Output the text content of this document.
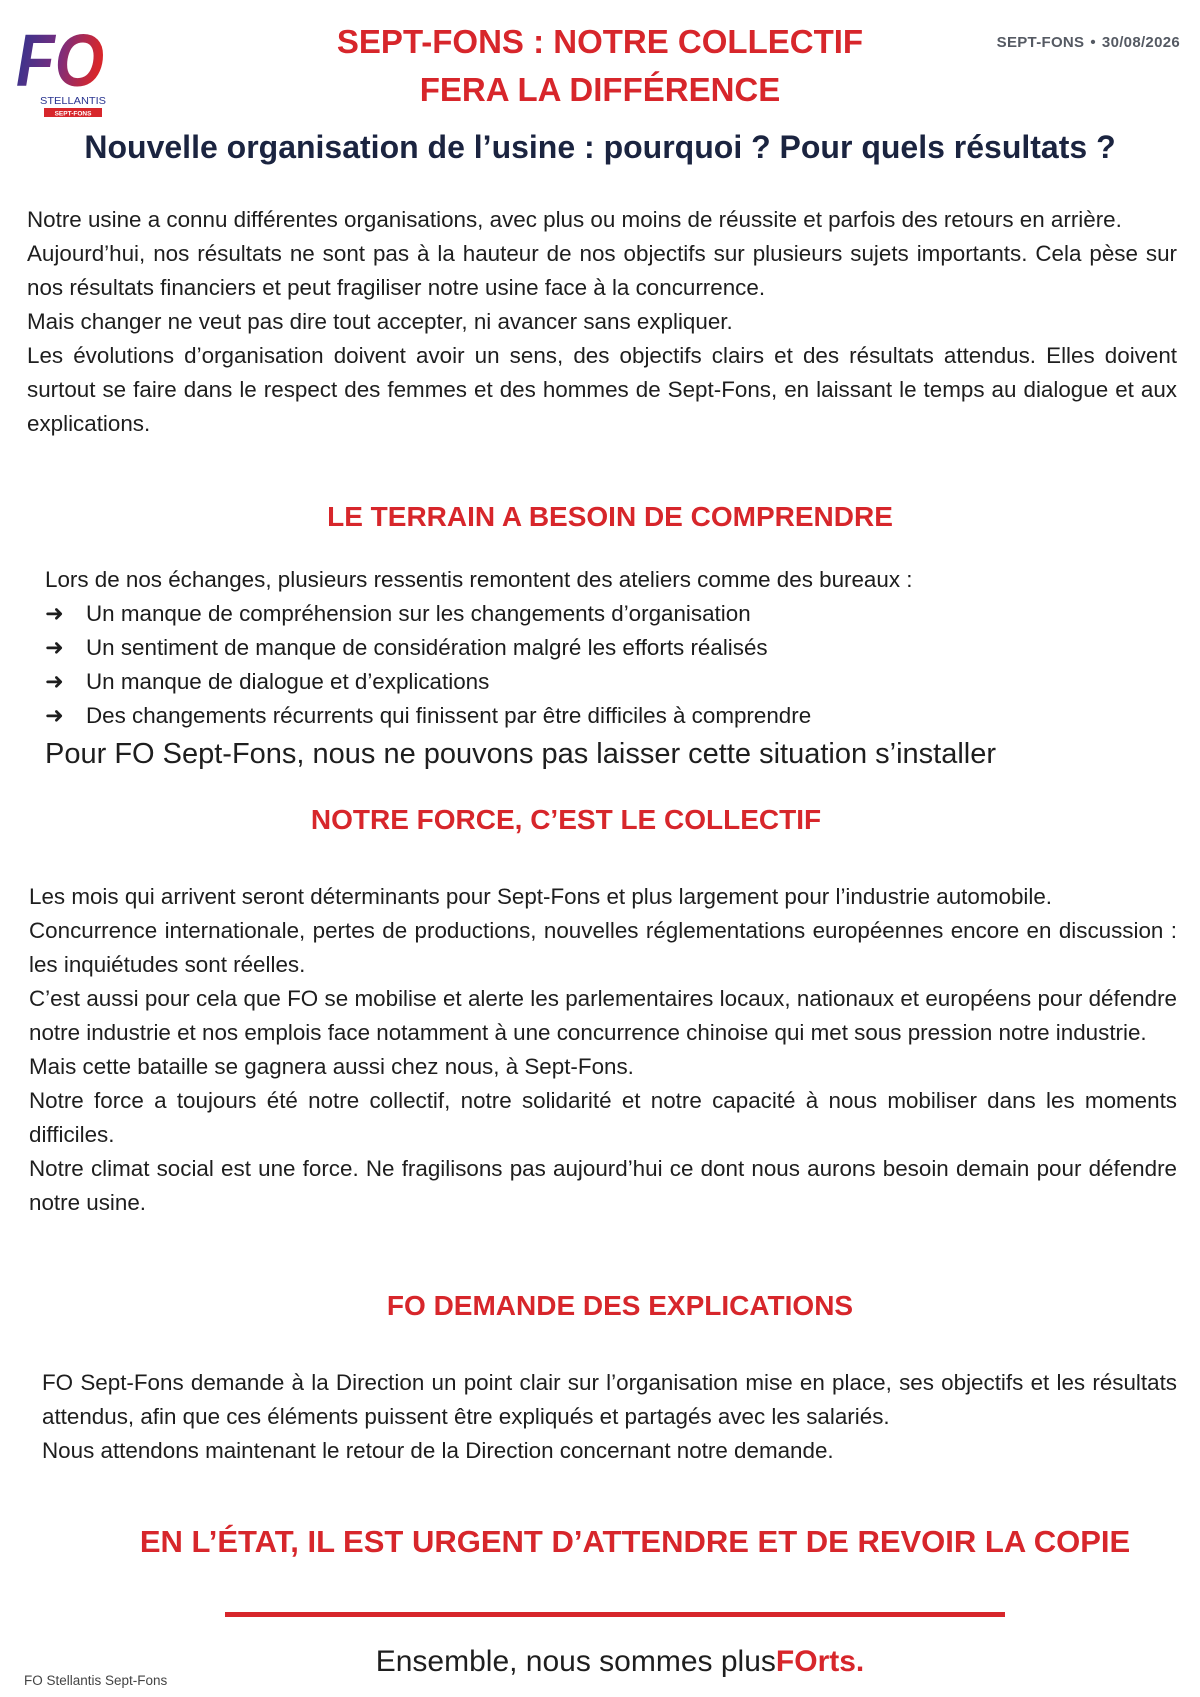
FO
STELLANTIS
SEPT-FONS
SEPT-FONS : NOTRE COLLECTIF
FERA LA DIFFÉRENCE
SEPT-FONS • 30/08/2026
Nouvelle organisation de l’usine : pourquoi ? Pour quels résultats ?

Notre usine a connu différentes organisations, avec plus ou moins de réussite et parfois des retours en arrière.

Aujourd’hui, nos résultats ne sont pas à la hauteur de nos objectifs sur plusieurs sujets importants. Cela pèse sur nos résultats financiers et peut fragiliser notre usine face à la concurrence.

Mais changer ne veut pas dire tout accepter, ni avancer sans expliquer.

Les évolutions d’organisation doivent avoir un sens, des objectifs clairs et des résultats attendus. Elles doivent surtout se faire dans le respect des femmes et des hommes de Sept-Fons, en laissant le temps au dialogue et aux explications.

LE TERRAIN A BESOIN DE COMPRENDRE
Lors de nos échanges, plusieurs ressentis remontent des ateliers comme des bureaux :
➜ Un manque de compréhension sur les changements d’organisation
➜ Un sentiment de manque de considération malgré les efforts réalisés
➜ Un manque de dialogue et d’explications
➜ Des changements récurrents qui finissent par être difficiles à comprendre
Pour FO Sept-Fons, nous ne pouvons pas laisser cette situation s’installer
NOTRE FORCE, C’EST LE COLLECTIF

Les mois qui arrivent seront déterminants pour Sept-Fons et plus largement pour l’industrie automobile.

Concurrence internationale, pertes de productions, nouvelles réglementations européennes encore en discussion : les inquiétudes sont réelles.

C’est aussi pour cela que FO se mobilise et alerte les parlementaires locaux, nationaux et européens pour défendre notre industrie et nos emplois face notamment à une concurrence chinoise qui met sous pression notre industrie.

Mais cette bataille se gagnera aussi chez nous, à Sept-Fons.

Notre force a toujours été notre collectif, notre solidarité et notre capacité à nous mobiliser dans les moments difficiles.

Notre climat social est une force. Ne fragilisons pas aujourd’hui ce dont nous aurons besoin demain pour défendre notre usine.

FO DEMANDE DES EXPLICATIONS

FO Sept-Fons demande à la Direction un point clair sur l’organisation mise en place, ses objectifs et les résultats attendus, afin que ces éléments puissent être expliqués et partagés avec les salariés.

Nous attendons maintenant le retour de la Direction concernant notre demande.

EN L’ÉTAT, IL EST URGENT D’ATTENDRE ET DE REVOIR LA COPIE
Ensemble, nous sommes plusFOrts.
FO Stellantis Sept-Fons
